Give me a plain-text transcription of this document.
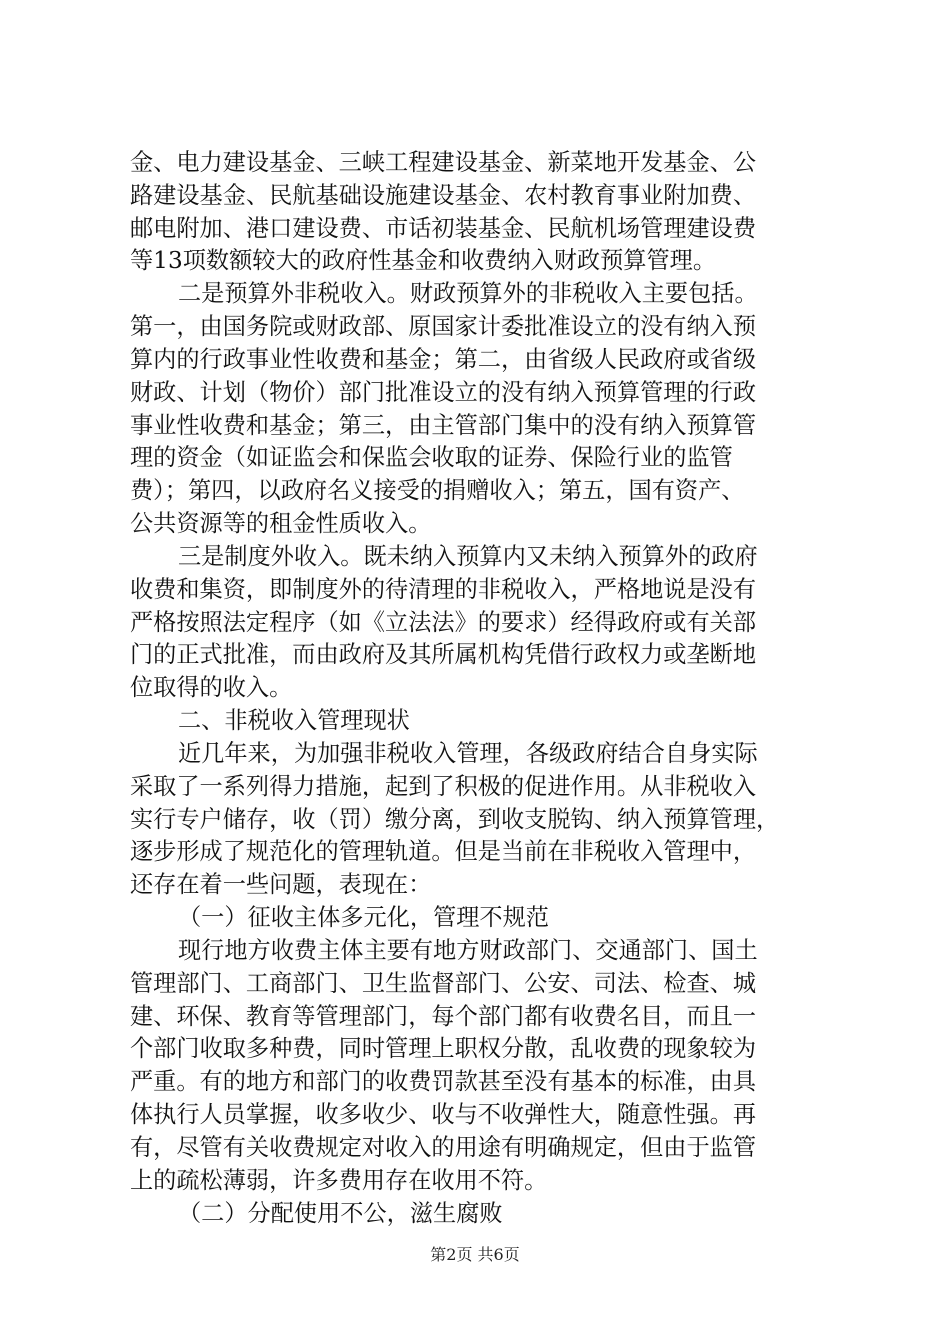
金、电力建设基金、三峡工程建设基金、新菜地开发基金、公
路建设基金、民航基础设施建设基金、农村教育事业附加费、
邮电附加、港口建设费、市话初装基金、民航机场管理建设费
等13项数额较大的政府性基金和收费纳入财政预算管理。
二是预算外非税收入。财政预算外的非税收入主要包括。
第一，由国务院或财政部、原国家计委批准设立的没有纳入预
算内的行政事业性收费和基金；第二，由省级人民政府或省级
财政、计划（物价）部门批准设立的没有纳入预算管理的行政
事业性收费和基金；第三，由主管部门集中的没有纳入预算管
理的资金（如证监会和保监会收取的证券、保险行业的监管
费）；第四，以政府名义接受的捐赠收入；第五，国有资产、
公共资源等的租金性质收入。
三是制度外收入。既未纳入预算内又未纳入预算外的政府
收费和集资，即制度外的待清理的非税收入，严格地说是没有
严格按照法定程序（如《立法法》的要求）经得政府或有关部
门的正式批准，而由政府及其所属机构凭借行政权力或垄断地
位取得的收入。
二、非税收入管理现状
近几年来，为加强非税收入管理，各级政府结合自身实际
采取了一系列得力措施，起到了积极的促进作用。从非税收入
实行专户储存，收（罚）缴分离，到收支脱钩、纳入预算管理，
逐步形成了规范化的管理轨道。但是当前在非税收入管理中，
还存在着一些问题，表现在：
（一）征收主体多元化，管理不规范
现行地方收费主体主要有地方财政部门、交通部门、国土
管理部门、工商部门、卫生监督部门、公安、司法、检查、城
建、环保、教育等管理部门，每个部门都有收费名目，而且一
个部门收取多种费，同时管理上职权分散，乱收费的现象较为
严重。有的地方和部门的收费罚款甚至没有基本的标准，由具
体执行人员掌握，收多收少、收与不收弹性大，随意性强。再
有，尽管有关收费规定对收入的用途有明确规定，但由于监管
上的疏松薄弱，许多费用存在收用不符。
（二）分配使用不公，滋生腐败
第2页 共6页
